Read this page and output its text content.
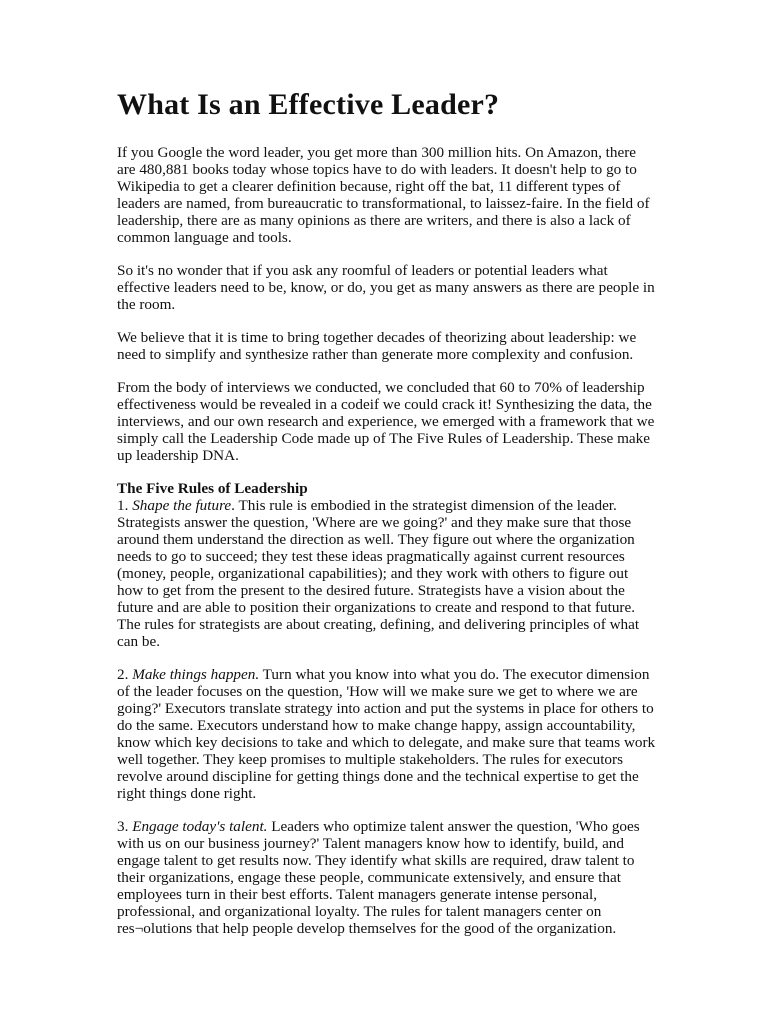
What Is an Effective Leader?

If you Google the word leader, you get more than 300 million hits. On Amazon, there are 480,881 books today whose topics have to do with leaders. It doesn't help to go to Wikipedia to get a clearer definition because, right off the bat, 11 different types of leaders are named, from bureaucratic to transformational, to laissez-faire. In the field of leadership, there are as many opinions as there are writers, and there is also a lack of common language and tools.

So it's no wonder that if you ask any roomful of leaders or potential leaders what effective leaders need to be, know, or do, you get as many answers as there are people in the room.

We believe that it is time to bring together decades of theorizing about leadership: we need to simplify and synthesize rather than generate more complexity and confusion.

From the body of interviews we conducted, we concluded that 60 to 70% of leadership effectiveness would be revealed in a codeif we could crack it! Synthesizing the data, the interviews, and our own research and experience, we emerged with a framework that we simply call the Leadership Code made up of The Five Rules of Leadership. These make up leadership DNA.

The Five Rules of Leadership
1. Shape the future. This rule is embodied in the strategist dimension of the leader. Strategists answer the question, 'Where are we going?' and they make sure that those around them understand the direction as well. They figure out where the organization needs to go to succeed; they test these ideas pragmatically against current resources (money, people, organizational capabilities); and they work with others to figure out how to get from the present to the desired future. Strategists have a vision about the future and are able to position their organizations to create and respond to that future. The rules for strategists are about creating, defining, and delivering principles of what can be.
2. Make things happen. Turn what you know into what you do. The executor dimension of the leader focuses on the question, 'How will we make sure we get to where we are going?' Executors translate strategy into action and put the systems in place for others to do the same. Executors understand how to make change happy, assign accountability, know which key decisions to take and which to delegate, and make sure that teams work well together. They keep promises to multiple stakeholders. The rules for executors revolve around discipline for getting things done and the technical expertise to get the right things done right.
3. Engage today's talent. Leaders who optimize talent answer the question, 'Who goes with us on our business journey?' Talent managers know how to identify, build, and engage talent to get results now. They identify what skills are required, draw talent to their organizations, engage these people, communicate extensively, and ensure that employees turn in their best efforts. Talent managers generate intense personal, professional, and organizational loyalty. The rules for talent managers center on res¬olutions that help people develop themselves for the good of the organization.
